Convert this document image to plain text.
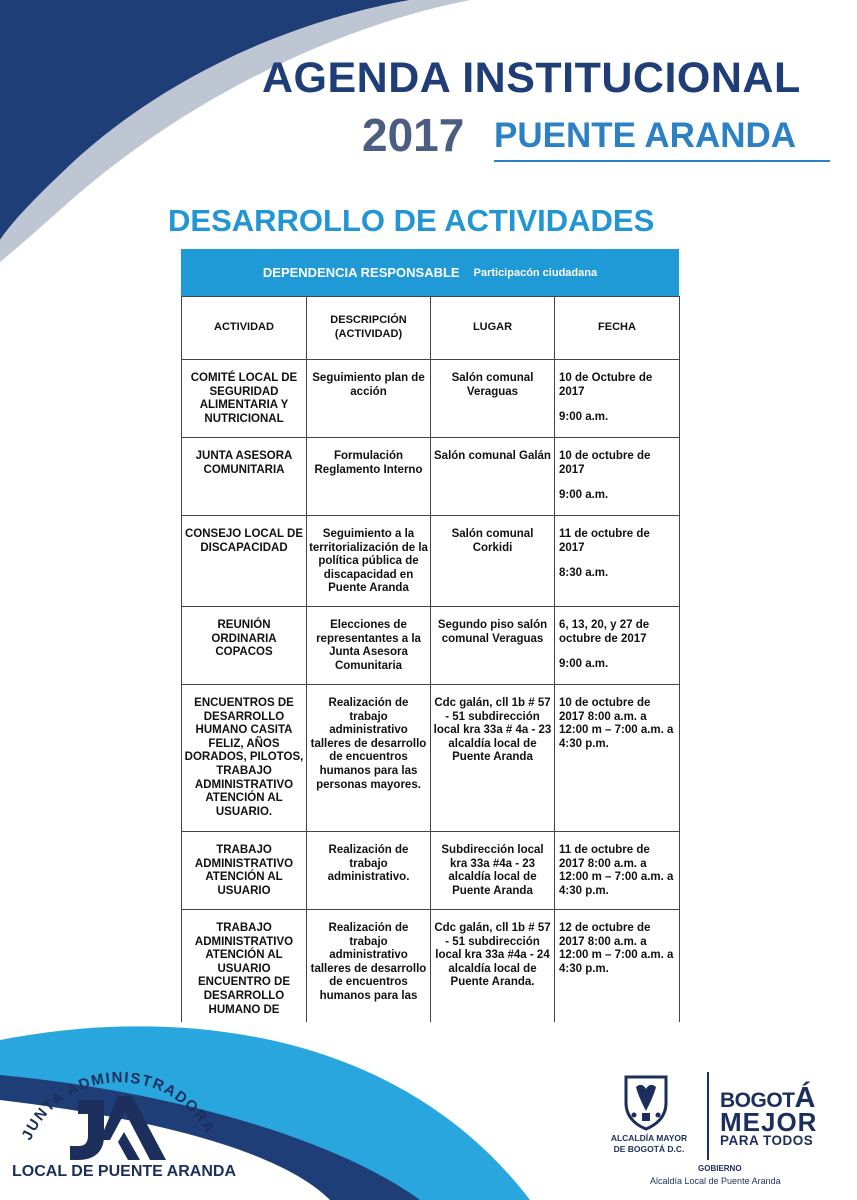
AGENDA INSTITUCIONAL
2017 PUENTE ARANDA
DESARROLLO DE ACTIVIDADES
DEPENDENCIA RESPONSABLE Participacón ciudadana
ACTIVIDAD	DESCRIPCIÓN (ACTIVIDAD)	LUGAR	FECHA
COMITÉ LOCAL DE SEGURIDAD ALIMENTARIA Y NUTRICIONAL	Seguimiento plan de acción	Salón comunal Veraguas	10 de Octubre de 2017
9:00 a.m.

JUNTA ASESORA COMUNITARIA	Formulación Reglamento Interno	Salón comunal Galán	10 de octubre de 2017
9:00 a.m.

CONSEJO LOCAL DE DISCAPACIDAD	Seguimiento a la territorialización de la política pública de discapacidad en Puente Aranda	Salón comunal Corkidi	11 de octubre de 2017
8:30 a.m.

REUNIÓN ORDINARIA COPACOS	Elecciones de representantes a la Junta Asesora Comunitaria	Segundo piso salón comunal Veraguas	6, 13, 20, y 27 de octubre de 2017
9:00 a.m.

ENCUENTROS DE DESARROLLO HUMANO CASITA FELIZ, AÑOS DORADOS, PILOTOS, TRABAJO ADMINISTRATIVO ATENCIÓN AL USUARIO.	Realización de trabajo administrativo talleres de desarrollo de encuentros humanos para las personas mayores.	Cdc galán, cll 1b # 57 - 51 subdirección local kra 33a # 4a - 23 alcaldía local de Puente Aranda	10 de octubre de 2017 8:00 a.m. a 12:00 m – 7:00 a.m. a 4:30 p.m.
TRABAJO ADMINISTRATIVO ATENCIÓN AL USUARIO	Realización de trabajo administrativo.	Subdirección local kra 33a #4a - 23 alcaldía local de Puente Aranda	11 de octubre de 2017 8:00 a.m. a 12:00 m – 7:00 a.m. a 4:30 p.m.
TRABAJO ADMINISTRATIVO ATENCIÓN AL USUARIO ENCUENTRO DE DESARROLLO HUMANO DE	Realización de trabajo administrativo talleres de desarrollo de encuentros humanos para las	Cdc galán, cll 1b # 57 - 51 subdirección local kra 33a #4a - 24 alcaldía local de Puente Aranda.	12 de octubre de 2017 8:00 a.m. a 12:00 m – 7:00 a.m. a 4:30 p.m.
JUNTA ADMINISTRADORA
LOCAL DE PUENTE ARANDA
ALCALDÍA MAYOR
DE BOGOTÁ D.C.
BOGOTÁ
MEJOR
PARA TODOS
GOBIERNO
Alcaldía Local de Puente Aranda
